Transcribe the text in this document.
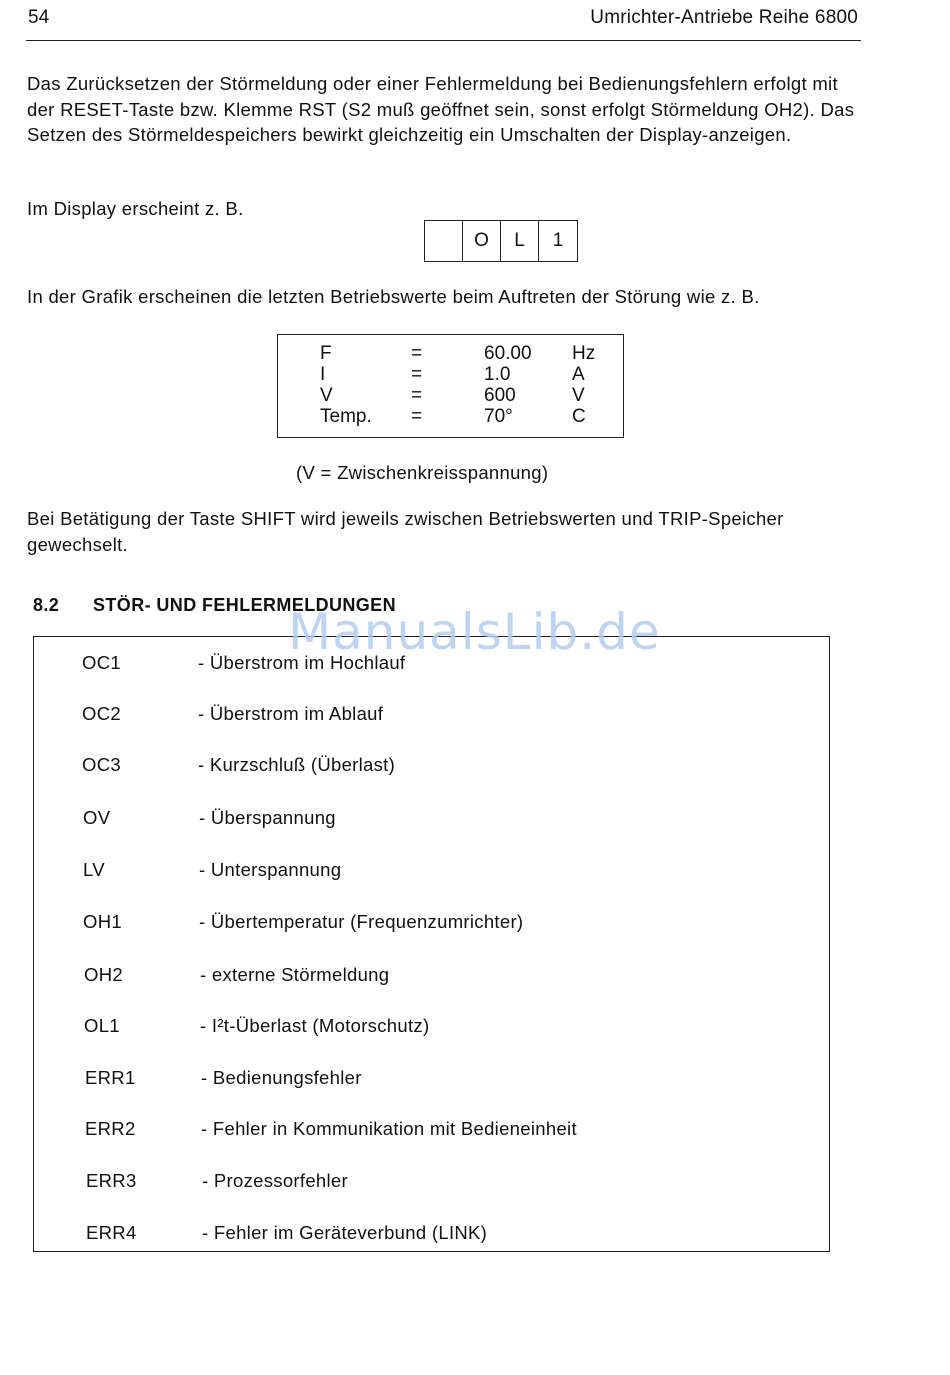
54	Umrichter-Antriebe Reihe 6800
Das Zurücksetzen der Störmeldung oder einer Fehlermeldung bei Bedienungsfehlern erfolgt mit der RESET-Taste bzw. Klemme RST (S2 muß geöffnet sein, sonst erfolgt Störmeldung OH2). Das Setzen des Störmeldespeichers bewirkt gleichzeitig ein Umschalten der Display-anzeigen.
Im Display erscheint z. B.
O	L	1
In der Grafik erscheinen die letzten Betriebswerte beim Auftreten der Störung wie z. B.
F	=	60.00 Hz
I	=	1.0	A
V	=	600	V
Temp. =	70°	C
(V = Zwischenkreisspannung)
Bei Betätigung der Taste SHIFT wird jeweils zwischen Betriebswerten und TRIP-Speicher gewechselt.
8.2 STÖR- UND FEHLERMELDUNGEN
OC1	- Überstrom im Hochlauf
OC2	- Überstrom im Ablauf
OC3	- Kurzschluß (Überlast)
OV	- Überspannung
LV	- Unterspannung
OH1	- Übertemperatur (Frequenzumrichter)
OH2	- externe Störmeldung
OL1	- I²t-Überlast (Motorschutz)
ERR1	- Bedienungsfehler
ERR2	- Fehler in Kommunikation mit Bedieneinheit
ERR3	- Prozessorfehler
ERR4	- Fehler im Geräteverbund (LINK)
ManualsLib.de
